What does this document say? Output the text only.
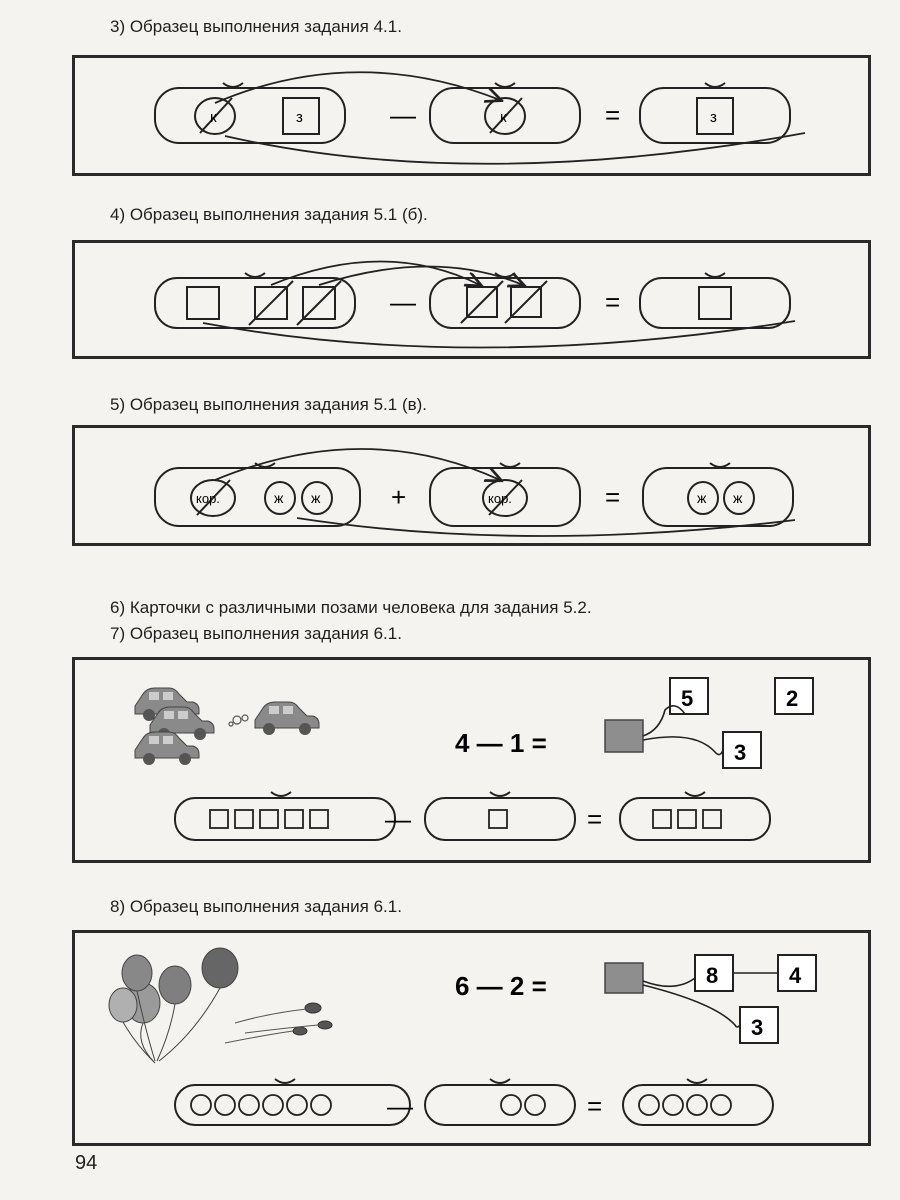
3) Образец выполнения задания 4.1.
4) Образец выполнения задания 5.1 (б).
5) Образец выполнения задания 5.1 (в).
6) Карточки с различными позами человека для задания 5.2.
7) Образец выполнения задания 6.1.
8) Образец выполнения задания 6.1.
к	з	—	к	=	з
—	=
кор.	ж ж	+	кор.	=	ж ж
4 — 1 =
5	2
3
—	=
6 — 2 =	8	4
3
—	=
94
